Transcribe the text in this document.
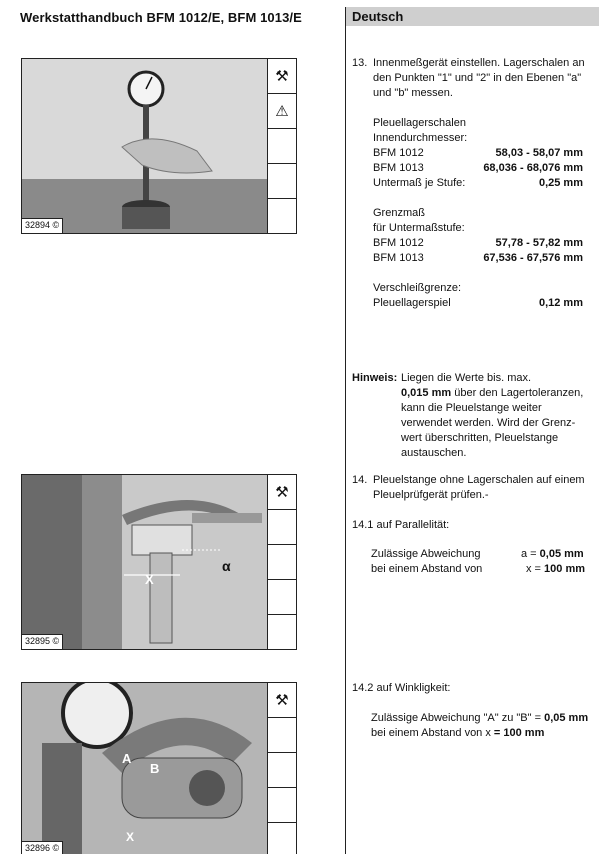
Werkstatthandbuch BFM 1012/E, BFM 1013/E	Deutsch
⚒
⚠
32894 ©
X
α
⚒
32895 ©
A
B
X
⚒
32896 ©
13. Innenmeßgerät einstellen. Lagerschalen an
den Punkten "1" und "2" in den Ebenen "a"
und "b" messen.
Pleuellagerschalen
Innendurchmesser:
BFM 1012	58,03 - 58,07 mm
BFM 1013	68,036 - 68,076 mm
Untermaß je Stufe:	0,25 mm
Grenzmaß
für Untermaßstufe:
BFM 1012	57,78 - 57,82 mm
BFM 1013	67,536 - 67,576 mm
Verschleißgrenze:
Pleuellagerspiel	0,12 mm
Hinweis: Liegen die Werte bis. max.
0,015 mm über den Lagertoleranzen,
kann die Pleuelstange weiter
verwendet werden. Wird der Grenz-
wert überschritten, Pleuelstange
austauschen.
14. Pleuelstange ohne Lagerschalen auf einem
Pleuelprüfgerät prüfen.-
14.1 auf Parallelität:
Zulässige Abweichung	a = 0,05 mm
bei einem Abstand von	x = 100 mm
14.2 auf Winkligkeit:
Zulässige Abweichung "A" zu "B" = 0,05 mm
bei einem Abstand von x = 100 mm
